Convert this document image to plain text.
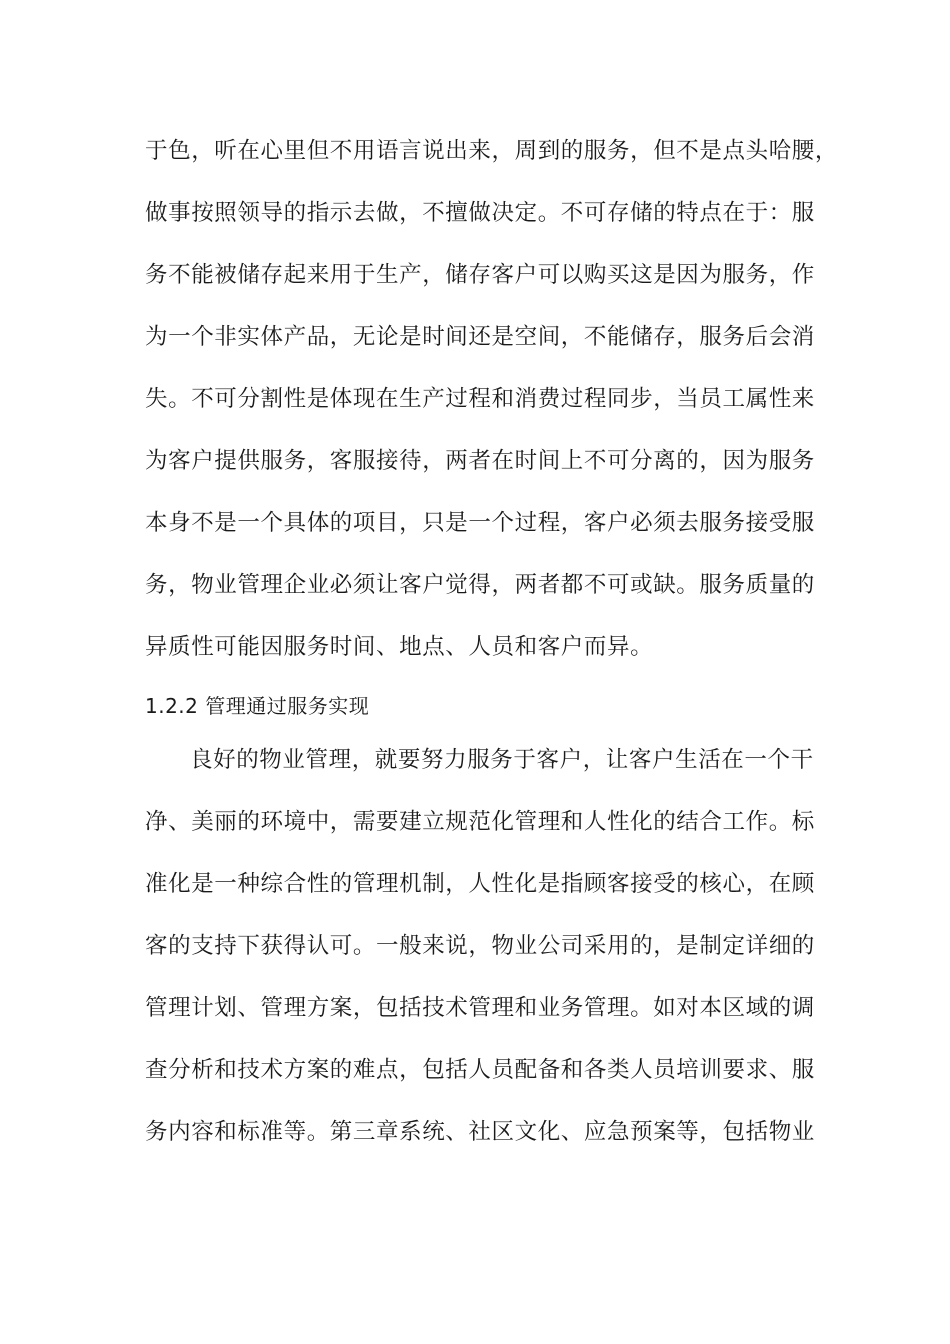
于色，听在心里但不用语言说出来，周到的服务，但不是点头哈腰，
做事按照领导的指示去做，不擅做决定。不可存储的特点在于：服
务不能被储存起来用于生产，储存客户可以购买这是因为服务，作
为一个非实体产品，无论是时间还是空间，不能储存，服务后会消
失。不可分割性是体现在生产过程和消费过程同步，当员工属性来
为客户提供服务，客服接待，两者在时间上不可分离的，因为服务
本身不是一个具体的项目，只是一个过程，客户必须去服务接受服
务，物业管理企业必须让客户觉得，两者都不可或缺。服务质量的
异质性可能因服务时间、地点、人员和客户而异。
1.2.2 管理通过服务实现
良好的物业管理，就要努力服务于客户，让客户生活在一个干
净、美丽的环境中，需要建立规范化管理和人性化的结合工作。标
准化是一种综合性的管理机制，人性化是指顾客接受的核心，在顾
客的支持下获得认可。一般来说，物业公司采用的，是制定详细的
管理计划、管理方案，包括技术管理和业务管理。如对本区域的调
查分析和技术方案的难点，包括人员配备和各类人员培训要求、服
务内容和标准等。第三章系统、社区文化、应急预案等，包括物业
